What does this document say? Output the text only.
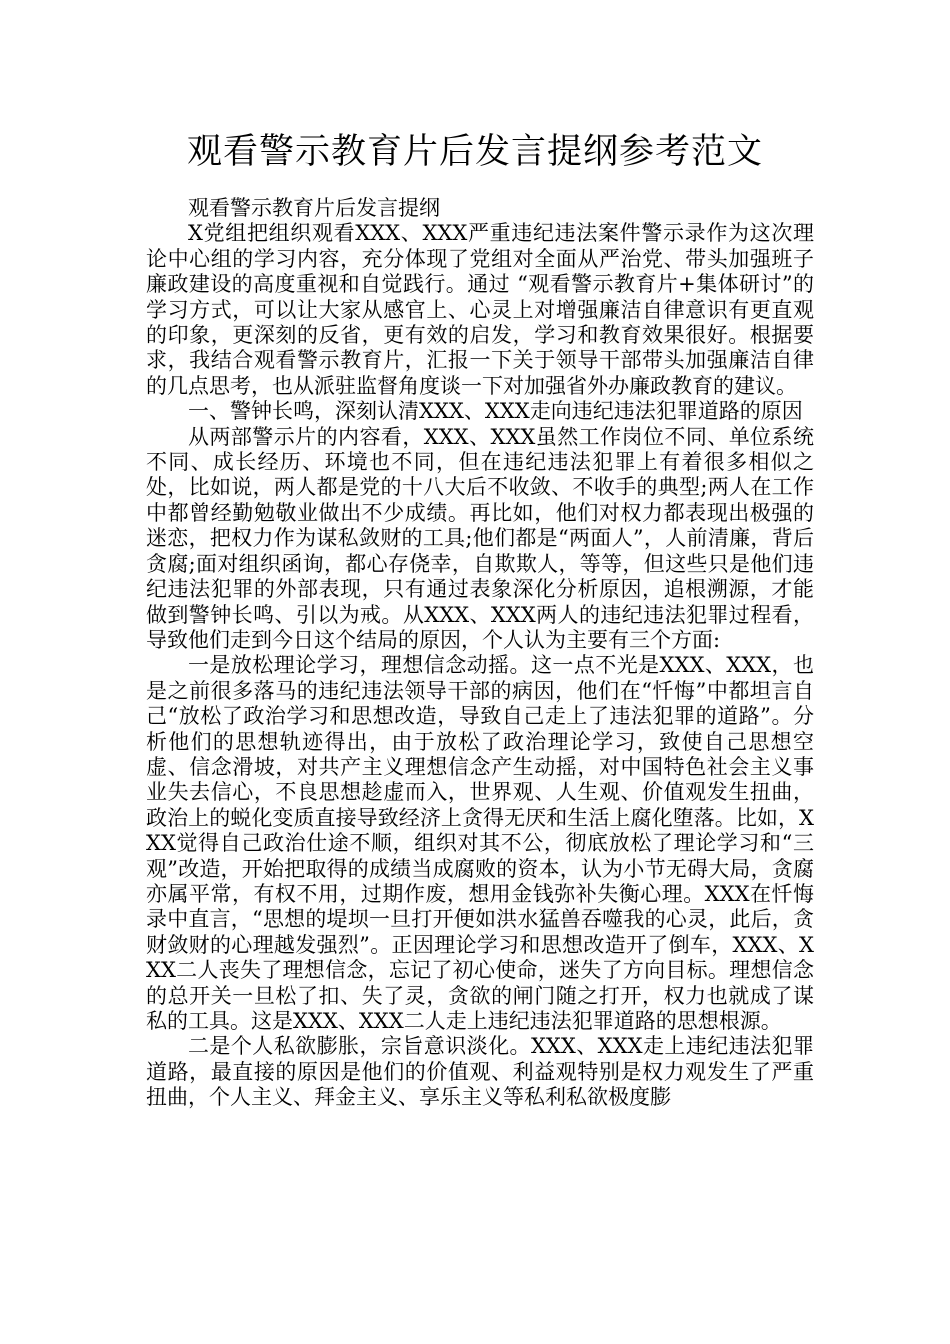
观看警示教育片后发言提纲参考范文

观看警示教育片后发言提纲

X党组把组织观看XXX、XXX严重违纪违法案件警示录作为这次理论中心组的学习内容，充分体现了党组对全面从严治党、带头加强班子廉政建设的高度重视和自觉践行。通过 “观看警示教育片+集体研讨”的学习方式，可以让大家从感官上、心灵上对增强廉洁自律意识有更直观的印象，更深刻的反省，更有效的启发，学习和教育效果很好。根据要求，我结合观看警示教育片，汇报一下关于领导干部带头加强廉洁自律的几点思考，也从派驻监督角度谈一下对加强省外办廉政教育的建议。

一、警钟长鸣，深刻认清XXX、XXX走向违纪违法犯罪道路的原因

从两部警示片的内容看，XXX、XXX虽然工作岗位不同、单位系统不同、成长经历、环境也不同，但在违纪违法犯罪上有着很多相似之处，比如说，两人都是党的十八大后不收敛、不收手的典型;两人在工作中都曾经勤勉敬业做出不少成绩。再比如，他们对权力都表现出极强的迷恋，把权力作为谋私敛财的工具;他们都是“两面人”，人前清廉，背后贪腐;面对组织函询，都心存侥幸，自欺欺人，等等，但这些只是他们违纪违法犯罪的外部表现，只有通过表象深化分析原因，追根溯源，才能做到警钟长鸣、引以为戒。从XXX、XXX两人的违纪违法犯罪过程看，导致他们走到今日这个结局的原因，个人认为主要有三个方面:

一是放松理论学习，理想信念动摇。这一点不光是XXX、XXX，也是之前很多落马的违纪违法领导干部的病因，他们在“忏悔”中都坦言自己“放松了政治学习和思想改造，导致自己走上了违法犯罪的道路”。分析他们的思想轨迹得出，由于放松了政治理论学习，致使自己思想空虚、信念滑坡，对共产主义理想信念产生动摇，对中国特色社会主义事业失去信心，不良思想趁虚而入，世界观、人生观、价值观发生扭曲，政治上的蜕化变质直接导致经济上贪得无厌和生活上腐化堕落。比如，XXX觉得自己政治仕途不顺，组织对其不公，彻底放松了理论学习和“三观”改造，开始把取得的成绩当成腐败的资本，认为小节无碍大局，贪腐亦属平常，有权不用，过期作废，想用金钱弥补失衡心理。XXX在忏悔录中直言，“思想的堤坝一旦打开便如洪水猛兽吞噬我的心灵，此后，贪财敛财的心理越发强烈”。正因理论学习和思想改造开了倒车，XXX、XXX二人丧失了理想信念，忘记了初心使命，迷失了方向目标。理想信念的总开关一旦松了扣、失了灵，贪欲的闸门随之打开，权力也就成了谋私的工具。这是XXX、XXX二人走上违纪违法犯罪道路的思想根源。

二是个人私欲膨胀，宗旨意识淡化。XXX、XXX走上违纪违法犯罪道路，最直接的原因是他们的价值观、利益观特别是权力观发生了严重扭曲，个人主义、拜金主义、享乐主义等私利私欲极度膨
